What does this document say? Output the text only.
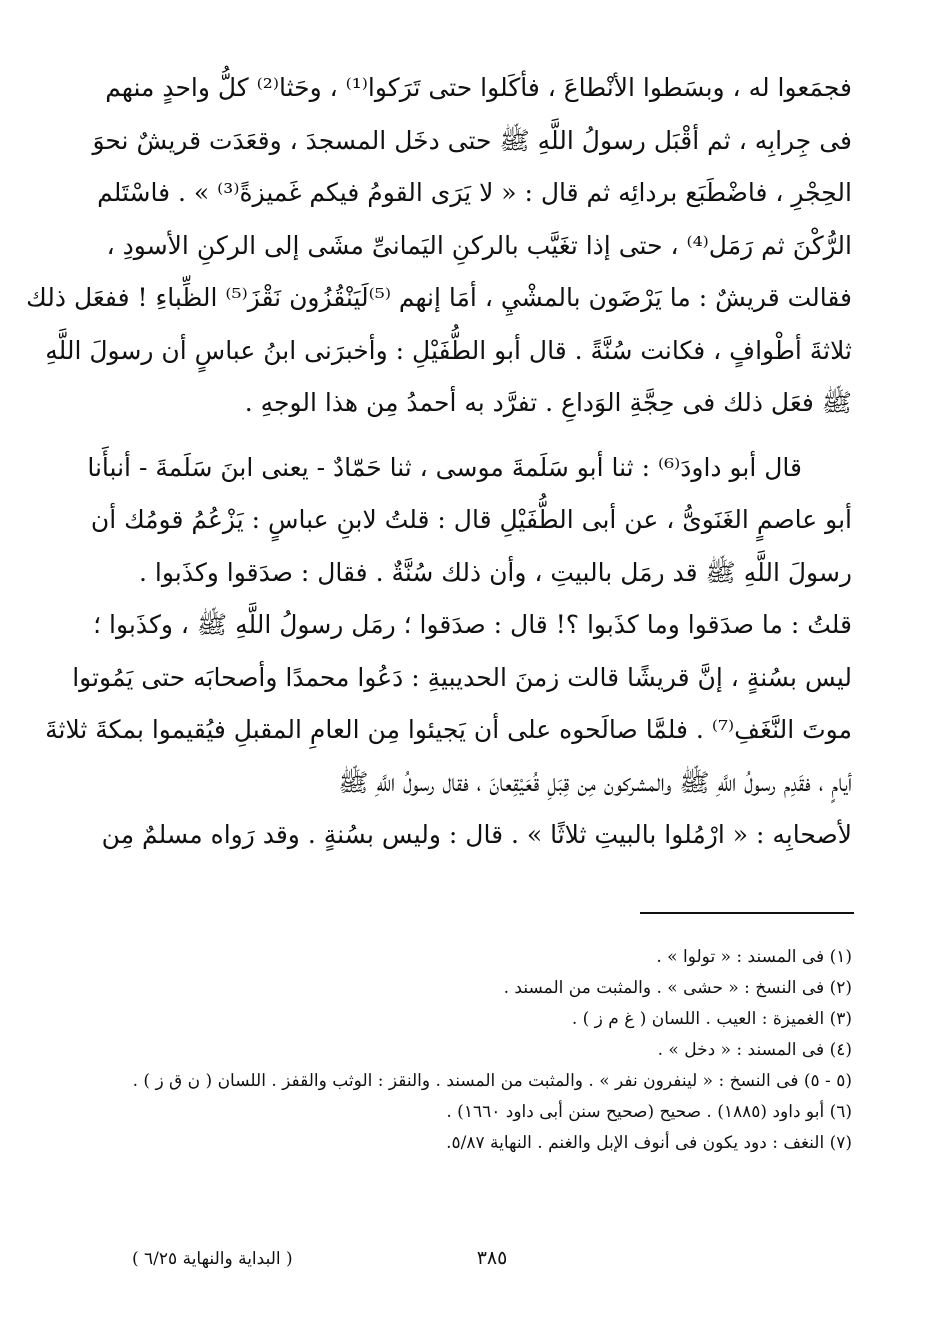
فجمَعوا له ، وبسَطوا الأنْطاعَ ، فأكَلوا حتى تَرَكوا⁽¹⁾ ، وحَثا⁽²⁾ كلُّ واحدٍ منهم
فى جِرابِه ، ثم أقْبَل رسولُ اللَّهِ ﷺ حتى دخَل المسجدَ ، وقعَدَت قريشٌ نحوَ
الحِجْرِ ، فاضْطَبَع بردائِه ثم قال : « لا يَرَى القومُ فيكم غَميزةً⁽³⁾ » . فاسْتَلم
الرُّكْنَ ثم رَمَل⁽⁴⁾ ، حتى إذا تغَيَّب بالركنِ اليَمانىِّ مشَى إلى الركنِ الأسودِ ،
فقالت قريشٌ : ما يَرْضَون بالمشْيِ ، أمَا إنهم ⁽⁵⁾لَيَنْقُزُون نَقْزَ⁽⁵⁾ الظِّباءِ ! ففعَل ذلك
ثلاثةَ أطْوافٍ ، فكانت سُنَّةً . قال أبو الطُّفَيْلِ : وأخبرَنى ابنُ عباسٍ أن رسولَ اللَّهِ
ﷺ فعَل ذلك فى حِجَّةِ الوَداعِ . تفرَّد به أحمدُ مِن هذا الوجهِ .
قال أبو داودَ⁽⁶⁾ : ثنا أبو سَلَمةَ موسى ، ثنا حَمّادٌ - يعنى ابنَ سَلَمةَ - أنبأَنا
أبو عاصمٍ الغَنَوىُّ ، عن أبى الطُّفَيْلِ قال : قلتُ لابنِ عباسٍ : يَزْعُمُ قومُك أن
رسولَ اللَّهِ ﷺ قد رمَل بالبيتِ ، وأن ذلك سُنَّةٌ . فقال : صدَقوا وكذَبوا .
قلتُ : ما صدَقوا وما كذَبوا ؟! قال : صدَقوا ؛ رمَل رسولُ اللَّهِ ﷺ ، وكذَبوا ؛
ليس بسُنةٍ ، إنَّ قريشًا قالت زمنَ الحديبيةِ : دَعُوا محمدًا وأصحابَه حتى يَمُوتوا
موتَ النَّغَفِ⁽⁷⁾ . فلمَّا صالَحوه على أن يَجيئوا مِن العامِ المقبلِ فيُقيموا بمكةَ ثلاثةَ
أيامٍ ، فقَدِم رسولُ اللَّهِ ﷺ والمشركون مِن قِبَلِ قُعَيْقِعانَ ، فقال رسولُ اللَّهِ ﷺ
لأصحابِه : « ارْمُلوا بالبيتِ ثلاثًا » . قال : وليس بسُنةٍ . وقد رَواه مسلمٌ مِن
(١) فى المسند : « تولوا » .
(٢) فى النسخ : « حشى » . والمثبت من المسند .
(٣) الغميزة : العيب . اللسان ( غ م ز ) .
(٤) فى المسند : « دخل » .
(٥ - ٥) فى النسخ : « لينفرون نفر » . والمثبت من المسند . والنقز : الوثب والقفز . اللسان ( ن ق ز ) .
(٦) أبو داود (١٨٨٥) . صحيح (صحيح سنن أبى داود ١٦٦٠) .
(٧) النغف : دود يكون فى أنوف الإبل والغنم . النهاية ٥/٨٧.
٣٨٥
( البداية والنهاية ٦/٢٥ )
